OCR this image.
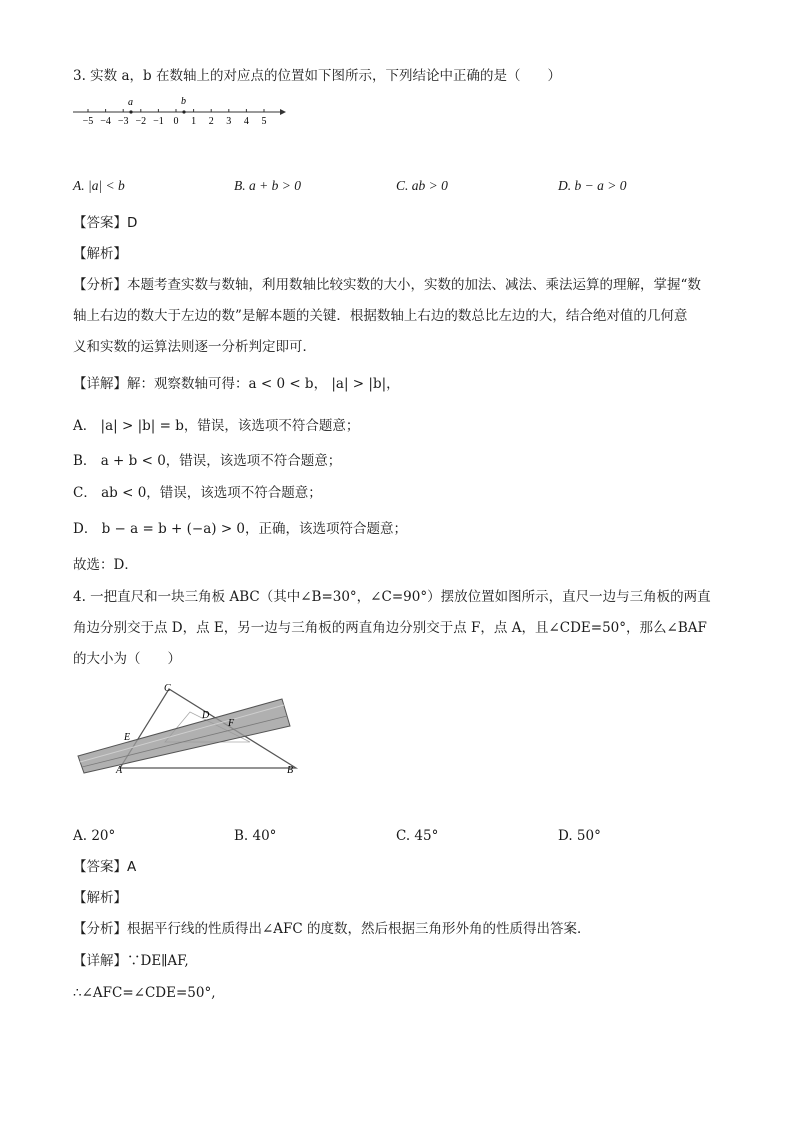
3. 实数 a，b 在数轴上的对应点的位置如下图所示，下列结论中正确的是（　　）
−5 −4 −3 −2 −1 0 1 2 3 4 5
a	b
A. |a| < b	B. a + b > 0	C. ab > 0	D. b − a > 0
【答案】D
【解析】
【分析】本题考查实数与数轴，利用数轴比较实数的大小，实数的加法、减法、乘法运算的理解，掌握“数
轴上右边的数大于左边的数”是解本题的关键．根据数轴上右边的数总比左边的大，结合绝对值的几何意
义和实数的运算法则逐一分析判定即可．
【详解】解：观察数轴可得：a < 0 < b， |a| > |b|，
A． |a| > |b| = b，错误，该选项不符合题意；
B． a + b < 0，错误，该选项不符合题意；
C． ab < 0，错误，该选项不符合题意；
D． b − a = b + (−a) > 0，正确，该选项符合题意；
故选：D．
4. 一把直尺和一块三角板 ABC（其中∠B=30°，∠C=90°）摆放位置如图所示，直尺一边与三角板的两直
角边分别交于点 D，点 E，另一边与三角板的两直角边分别交于点 F，点 A，且∠CDE=50°，那么∠BAF
的大小为（　　）
C
D
F
E
A	B
A. 20°	B. 40°	C. 45°	D. 50°
【答案】A
【解析】
【分析】根据平行线的性质得出∠AFC 的度数，然后根据三角形外角的性质得出答案．
【详解】∵DE∥AF,
∴∠AFC=∠CDE=50°,
